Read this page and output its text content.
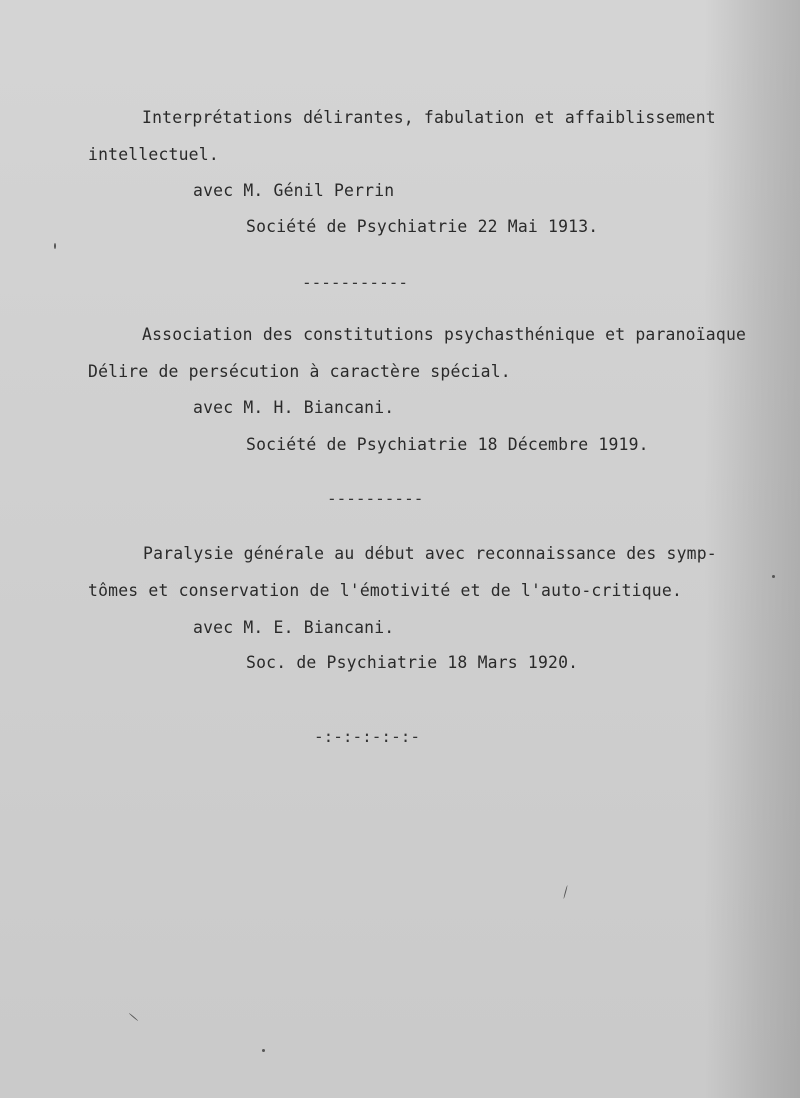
Interprétations délirantes, fabulation et affaiblissement
intellectuel.
avec M. Génil Perrin
Société de Psychiatrie 22 Mai 1913.
-----------
Association des constitutions psychasthénique et paranoïaque
Délire de persécution à caractère spécial.
avec M. H. Biancani.
Société de Psychiatrie 18 Décembre 1919.
----------
Paralysie générale au début avec reconnaissance des symp-
tômes et conservation de l'émotivité et de l'auto-critique.
avec M. E. Biancani.
Soc. de Psychiatrie 18 Mars 1920.
-:-:-:-:-:-
